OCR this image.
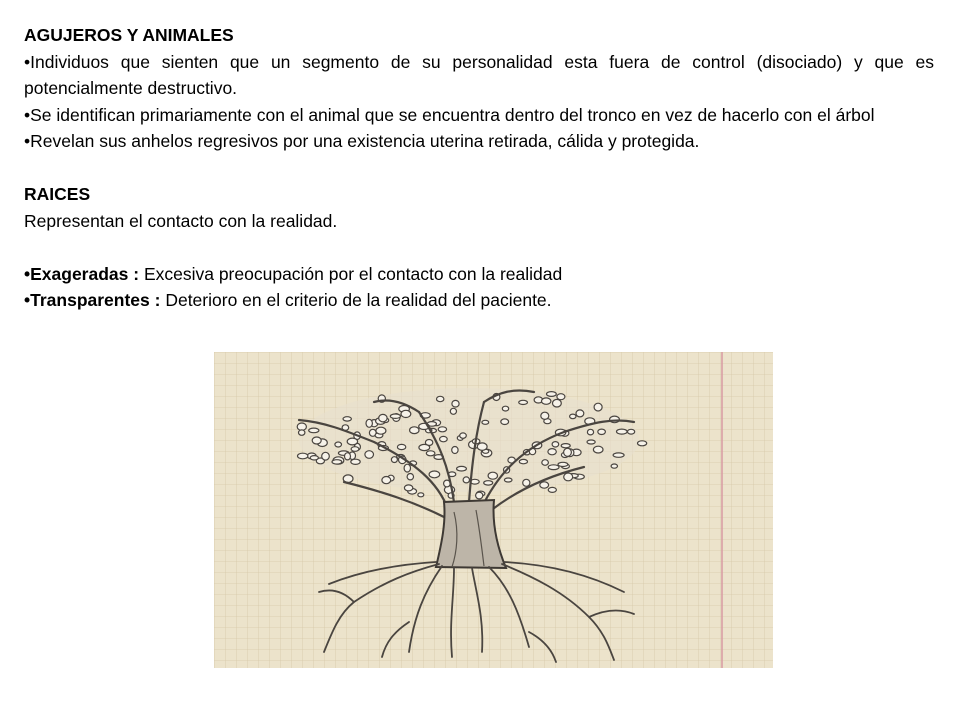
AGUJEROS Y ANIMALES

•Individuos que sienten que un segmento de su personalidad esta fuera de control (disociado) y que es potencialmente destructivo.

•Se identifican primariamente con el animal que se encuentra dentro del tronco en vez de hacerlo con el árbol

•Revelan sus anhelos regresivos por una existencia uterina retirada, cálida y protegida.

RAICES

Representan el contacto con la realidad.

•Exageradas : Excesiva preocupación por el contacto con la realidad

•Transparentes : Deterioro en el criterio de la realidad del paciente.
